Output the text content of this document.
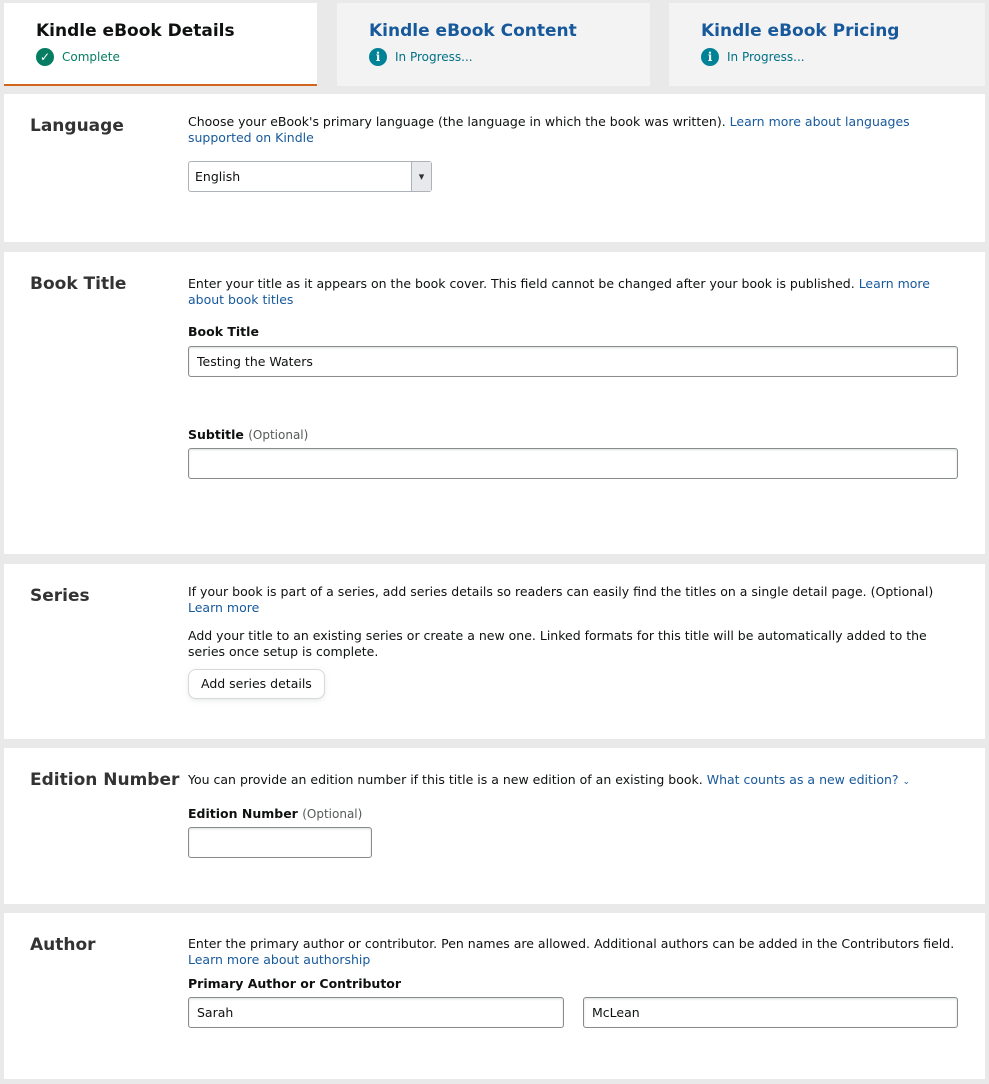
Kindle eBook Details
✓ Complete
Kindle eBook Content
i	In Progress...
Kindle eBook Pricing
i	In Progress...
Language	Choose your eBook's primary language (the language in which the book was written). Learn more about languages supported on Kindle
English	▾
Book Title	Enter your title as it appears on the book cover. This field cannot be changed after your book is published. Learn more about book titles
Book Title
Testing the Waters
Subtitle (Optional)
Series	If your book is part of a series, add series details so readers can easily find the titles on a single detail page. (Optional) Learn more
Add your title to an existing series or create a new one. Linked formats for this title will be automatically added to the series once setup is complete.
Add series details
Edition Number You can provide an edition number if this title is a new edition of an existing book. What counts as a new edition? ⌄
Edition Number (Optional)
Author	Enter the primary author or contributor. Pen names are allowed. Additional authors can be added in the Contributors field. Learn more about authorship
Primary Author or Contributor
Sarah
McLean
